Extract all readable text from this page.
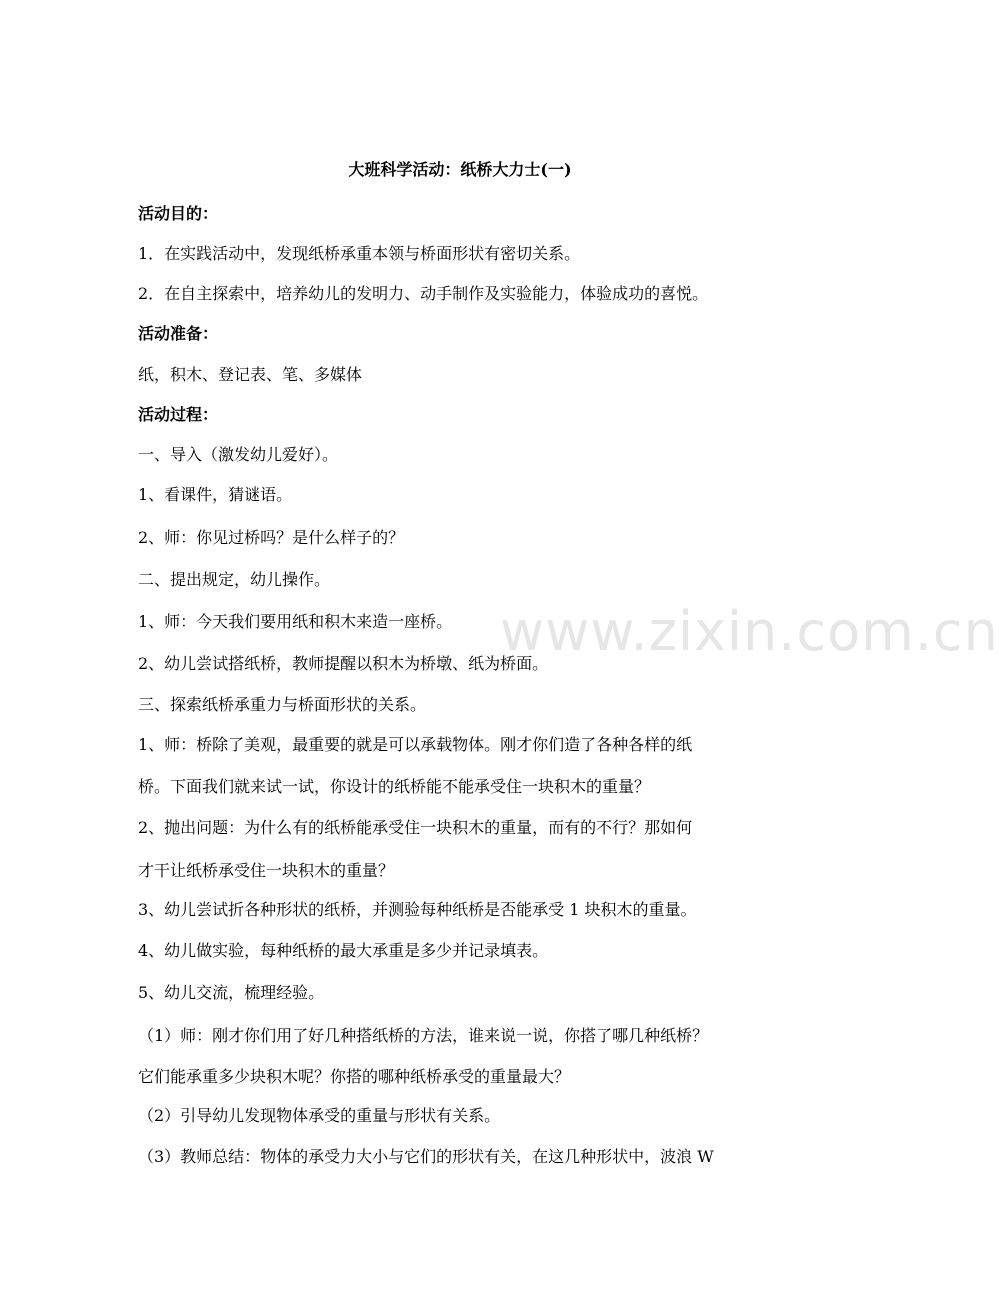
www.zixin.com.cn
大班科学活动：纸桥大力士(一)
活动目的：
1．在实践活动中，发现纸桥承重本领与桥面形状有密切关系。
2．在自主探索中，培养幼儿的发明力、动手制作及实验能力，体验成功的喜悦。
活动准备：
纸，积木、登记表、笔、多媒体
活动过程：
一、导入（激发幼儿爱好）。
1、看课件，猜谜语。
2、师：你见过桥吗？是什么样子的？
二、提出规定，幼儿操作。
1、师：今天我们要用纸和积木来造一座桥。
2、幼儿尝试搭纸桥，教师提醒以积木为桥墩、纸为桥面。
三、探索纸桥承重力与桥面形状的关系。
1、师：桥除了美观，最重要的就是可以承载物体。刚才你们造了各种各样的纸
桥。下面我们就来试一试，你设计的纸桥能不能承受住一块积木的重量？
2、抛出问题：为什么有的纸桥能承受住一块积木的重量，而有的不行？那如何
才干让纸桥承受住一块积木的重量？
3、幼儿尝试折各种形状的纸桥，并测验每种纸桥是否能承受 1 块积木的重量。
4、幼儿做实验，每种纸桥的最大承重是多少并记录填表。
5、幼儿交流，梳理经验。
（1）师：刚才你们用了好几种搭纸桥的方法，谁来说一说，你搭了哪几种纸桥？
它们能承重多少块积木呢？你搭的哪种纸桥承受的重量最大？
（2）引导幼儿发现物体承受的重量与形状有关系。
（3）教师总结：物体的承受力大小与它们的形状有关，在这几种形状中，波浪 W
